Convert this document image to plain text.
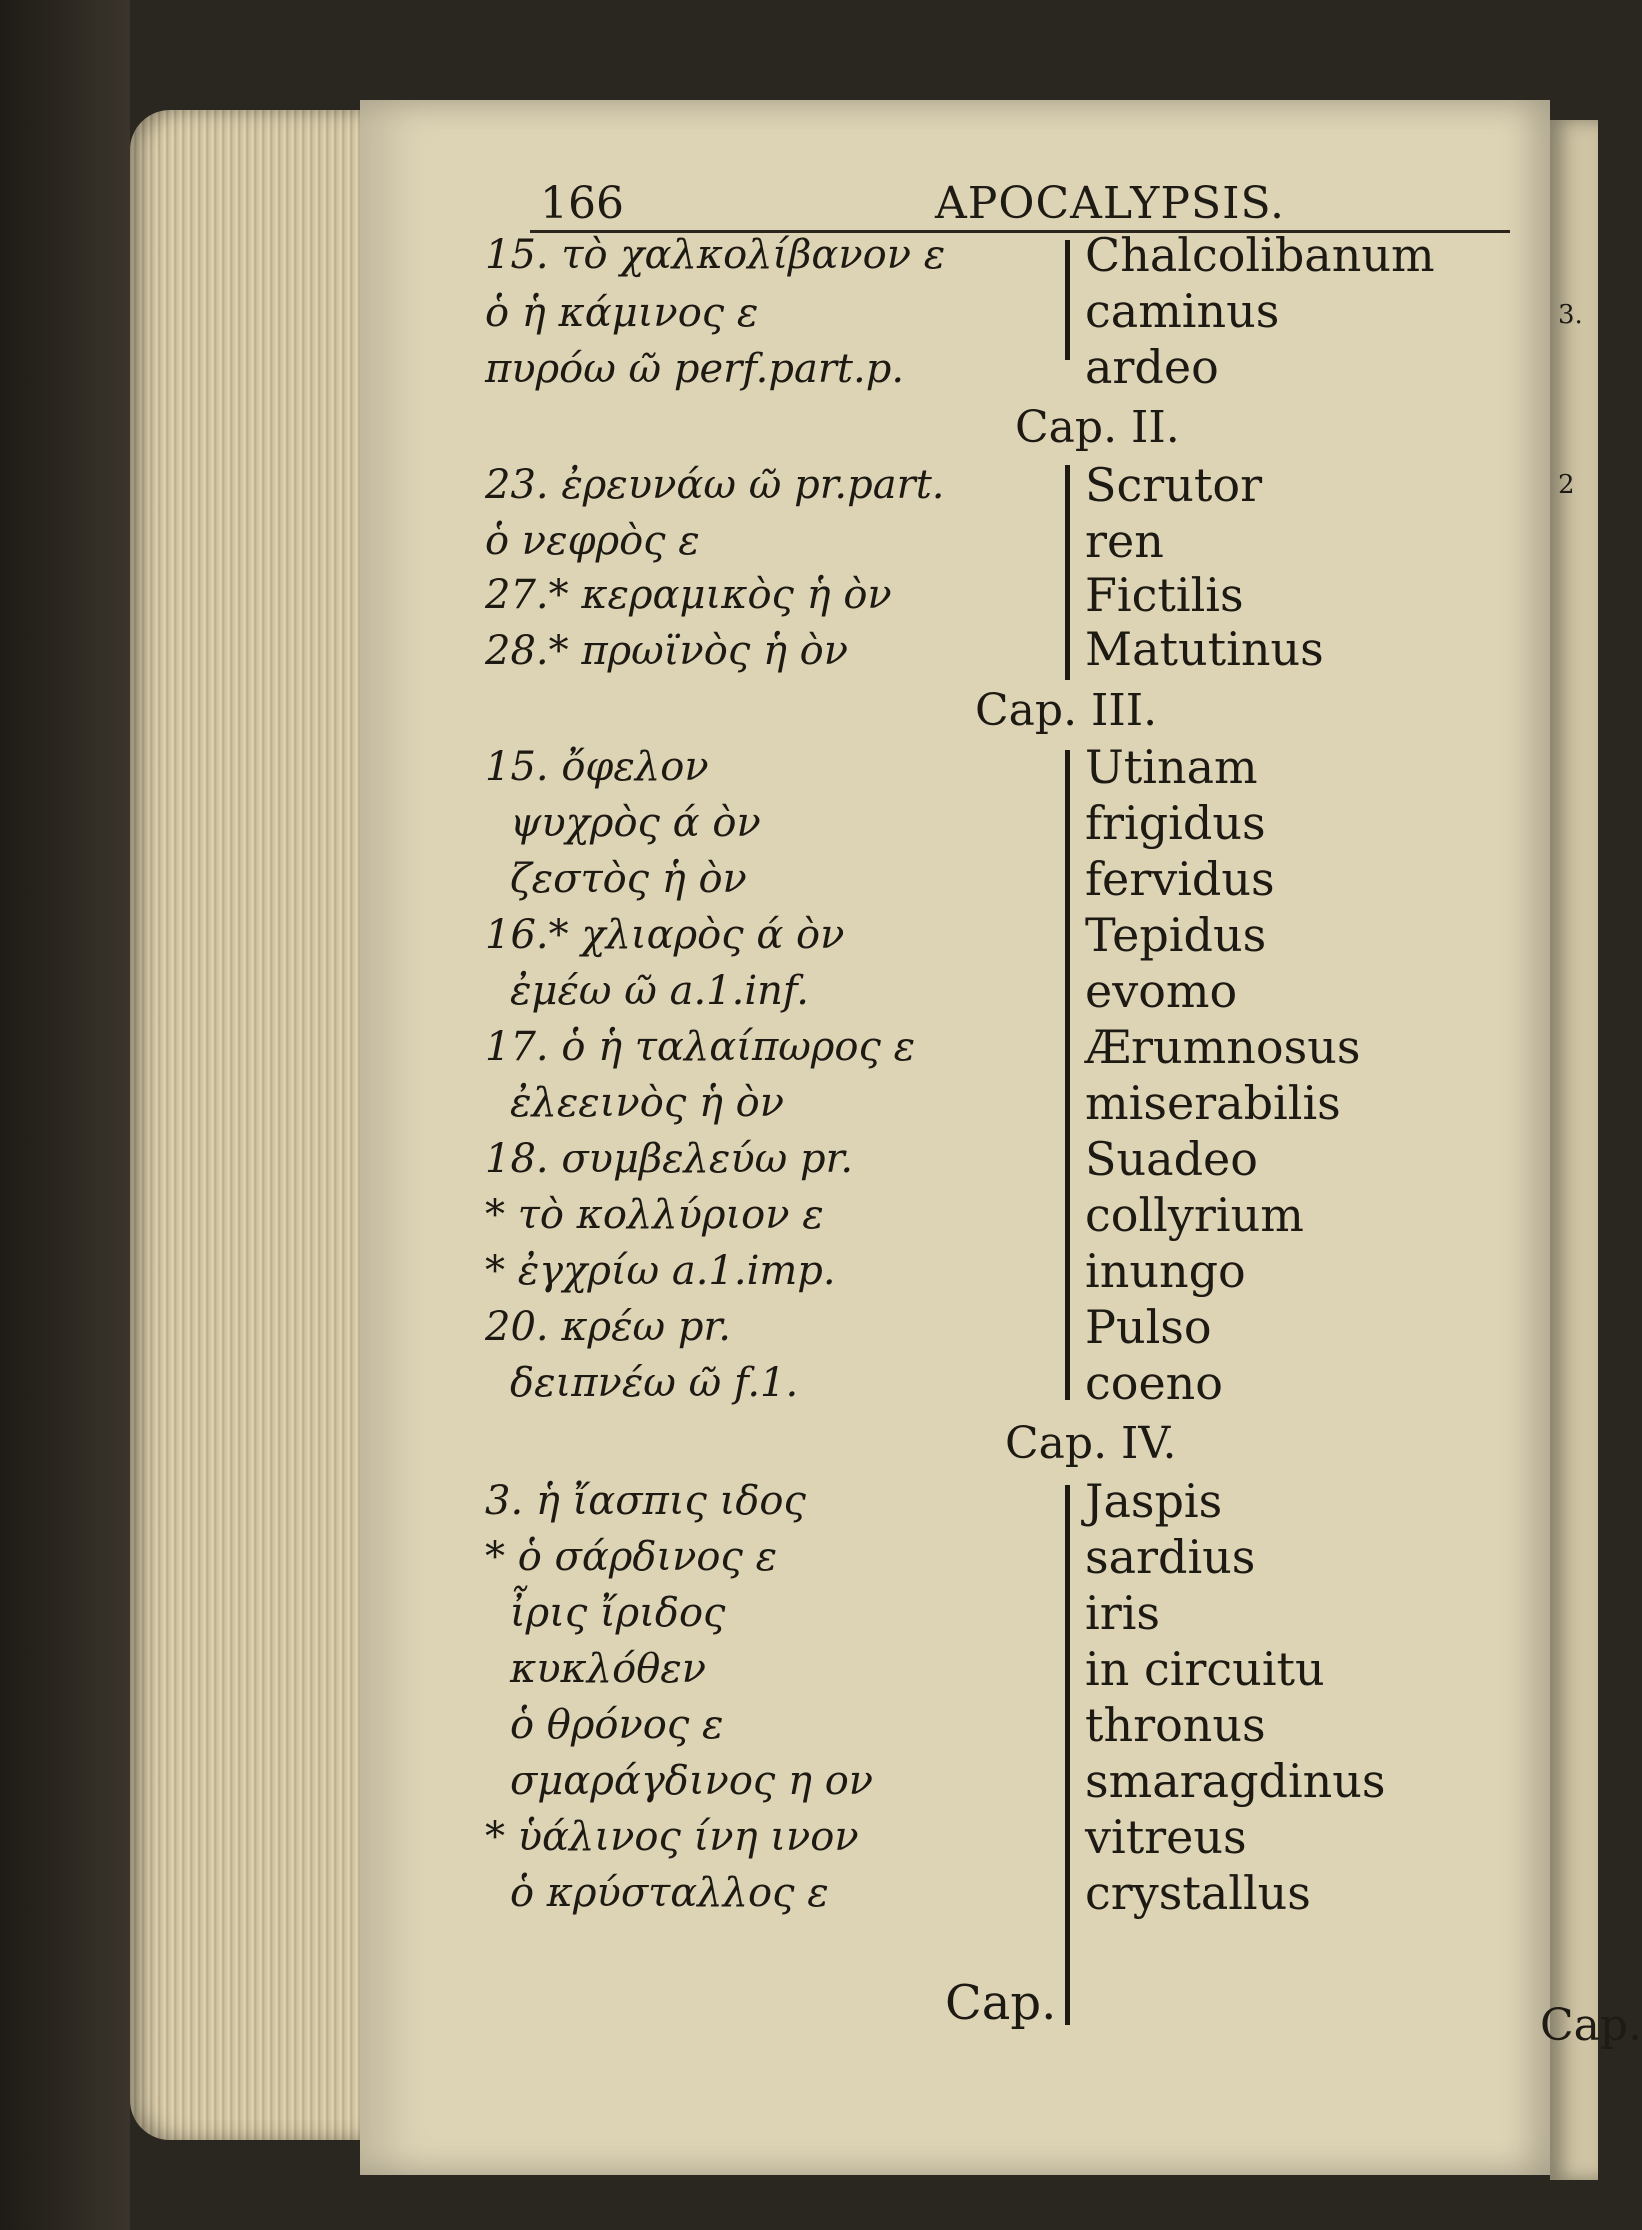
3.
2
Cap.
166	APOCALYPSIS.
15. τὸ χαλκολίβανον ε	Chalcolibanum
ὁ ἡ κάμινος ε	caminus
πυρόω ῶ perf.part.p.	ardeo
Cap. II.
23. ἐρευνάω ῶ pr.part.	Scrutor
ὁ νεφρὸς ε	ren
27.* κεραμικὸς ἡ ὸν	Fictilis
28.* πρωϊνὸς ἡ ὸν	Matutinus
Cap. III.
15. ὄφελον	Utinam
ψυχρὸς ά ὸν	frigidus
ζεστὸς ἡ ὸν	fervidus
16.* χλιαρὸς ά ὸν	Tepidus
ἐμέω ῶ a.1.inf.	evomo
17. ὁ ἡ ταλαίπωρος ε	Ærumnosus
ἐλεεινὸς ἡ ὸν	miserabilis
18. συμβελεύω pr.	Suadeo
* τὸ κολλύριον ε	collyrium
* ἐγχρίω a.1.imp.	inungo
20. κρέω pr.	Pulso
δειπνέω ῶ f.1.	coeno
Cap. IV.
3. ἡ ἴασπις ιδος	Jaspis
* ὁ σάρδινος ε	sardius
ἶρις ἴριδος	iris
κυκλόθεν	in circuitu
ὁ θρόνος ε	thronus
σμαράγδινος η ον	smaragdinus
* ὑάλινος ίνη ινον	vitreus
ὁ κρύσταλλος ε	crystallus
Cap.
